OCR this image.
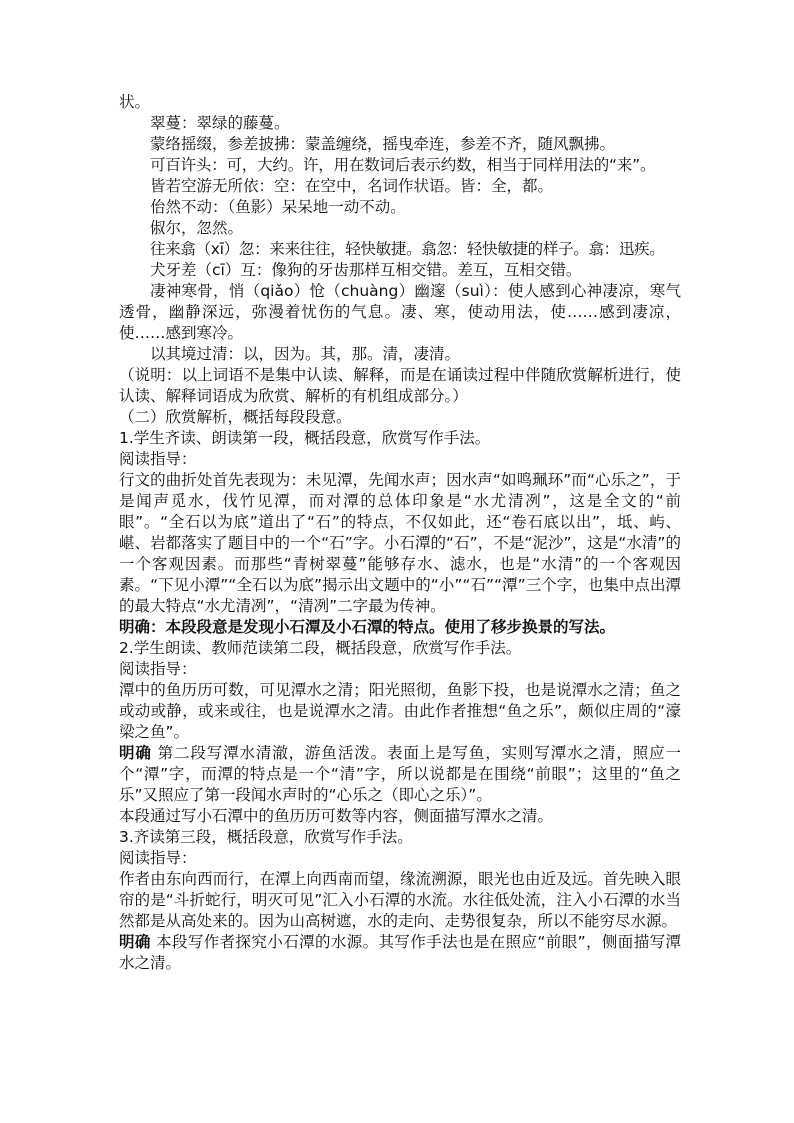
状。
翠蔓：翠绿的藤蔓。
蒙络摇缀，参差披拂：蒙盖缠绕，摇曳牵连，参差不齐，随风飘拂。
可百许头：可，大约。许，用在数词后表示约数，相当于同样用法的“来”。
皆若空游无所依：空：在空中，名词作状语。皆：全，都。
佁然不动：（鱼影）呆呆地一动不动。
俶尔，忽然。
往来翕（xī）忽：来来往往，轻快敏捷。翕忽：轻快敏捷的样子。翕：迅疾。
犬牙差（cī）互：像狗的牙齿那样互相交错。差互，互相交错。

凄神寒骨，悄（qiǎo）怆（chuàng）幽邃（suì）：使人感到心神凄凉，寒气透骨，幽静深远，弥漫着忧伤的气息。凄、寒，使动用法，使……感到凄凉，使……感到寒冷。

以其境过清：以，因为。其，那。清，凄清。

（说明：以上词语不是集中认读、解释，而是在诵读过程中伴随欣赏解析进行，使认读、解释词语成为欣赏、解析的有机组成部分。）

（二）欣赏解析，概括每段段意。
1.学生齐读、朗读第一段，概括段意，欣赏写作手法。
阅读指导：

行文的曲折处首先表现为：未见潭，先闻水声；因水声“如鸣珮环”而“心乐之”，于是闻声觅水，伐竹见潭，而对潭的总体印象是“水尤清冽”，这是全文的“前眼”。“全石以为底”道出了“石”的特点，不仅如此，还“卷石底以出”，坻、屿、嵁、岩都落实了题目中的一个“石”字。小石潭的“石”，不是“泥沙”，这是“水清”的一个客观因素。而那些“青树翠蔓”能够存水、滤水，也是“水清”的一个客观因素。“下见小潭”“全石以为底”揭示出文题中的“小”“石”“潭”三个字，也集中点出潭的最大特点“水尤清冽”，“清冽”二字最为传神。

明确：本段段意是发现小石潭及小石潭的特点。使用了移步换景的写法。
2.学生朗读、教师范读第二段，概括段意，欣赏写作手法。
阅读指导：

潭中的鱼历历可数，可见潭水之清；阳光照彻，鱼影下投，也是说潭水之清；鱼之或动或静，或来或往，也是说潭水之清。由此作者推想“鱼之乐”，颇似庄周的“濠梁之鱼”。

明确 第二段写潭水清澈，游鱼活泼。表面上是写鱼，实则写潭水之清，照应一个“潭”字，而潭的特点是一个“清”字，所以说都是在围绕“前眼”；这里的“鱼之乐”又照应了第一段闻水声时的“心乐之（即心之乐）”。

本段通过写小石潭中的鱼历历可数等内容，侧面描写潭水之清。
3.齐读第三段，概括段意，欣赏写作手法。
阅读指导：

作者由东向西而行，在潭上向西南而望，缘流溯源，眼光也由近及远。首先映入眼帘的是“斗折蛇行，明灭可见”汇入小石潭的水流。水往低处流，注入小石潭的水当然都是从高处来的。因为山高树遮，水的走向、走势很复杂，所以不能穷尽水源。

明确 本段写作者探究小石潭的水源。其写作手法也是在照应“前眼”，侧面描写潭水之清。
